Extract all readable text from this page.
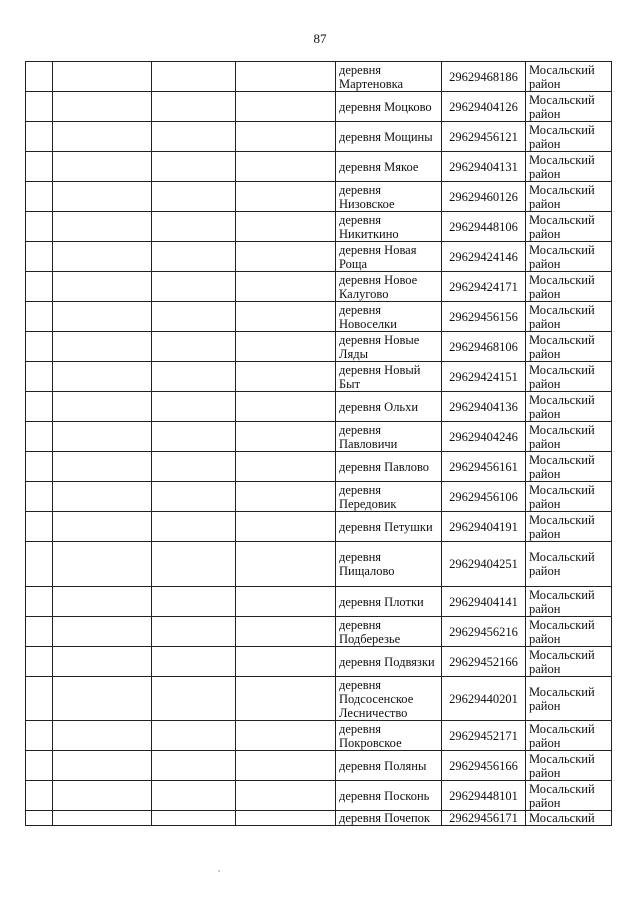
87
				деревня Мартеновка	29629468186	Мосальский район
				деревня Моцково	29629404126	Мосальский район
				деревня Мощины	29629456121	Мосальский район
				деревня Мякое	29629404131	Мосальский район
				деревня Низовское	29629460126	Мосальский район
				деревня Никиткино	29629448106	Мосальский район
				деревня Новая Роща	29629424146	Мосальский район
				деревня Новое Калугово	29629424171	Мосальский район
				деревня Новоселки	29629456156	Мосальский район
				деревня Новые Ляды	29629468106	Мосальский район
				деревня Новый Быт	29629424151	Мосальский район
				деревня Ольхи	29629404136	Мосальский район
				деревня Павловичи	29629404246	Мосальский район
				деревня Павлово	29629456161	Мосальский район
				деревня Передовик	29629456106	Мосальский район
				деревня Петушки	29629404191	Мосальский район
				деревня Пищалово	29629404251	Мосальский район
				деревня Плотки	29629404141	Мосальский район
				деревня Подберезье	29629456216	Мосальский район
				деревня Подвязки	29629452166	Мосальский район
				деревня Подсосенское Лесничество	29629440201	Мосальский район
				деревня Покровское	29629452171	Мосальский район
				деревня Поляны	29629456166	Мосальский район
				деревня Посконь	29629448101	Мосальский район
				деревня Почепок	29629456171	Мосальский
